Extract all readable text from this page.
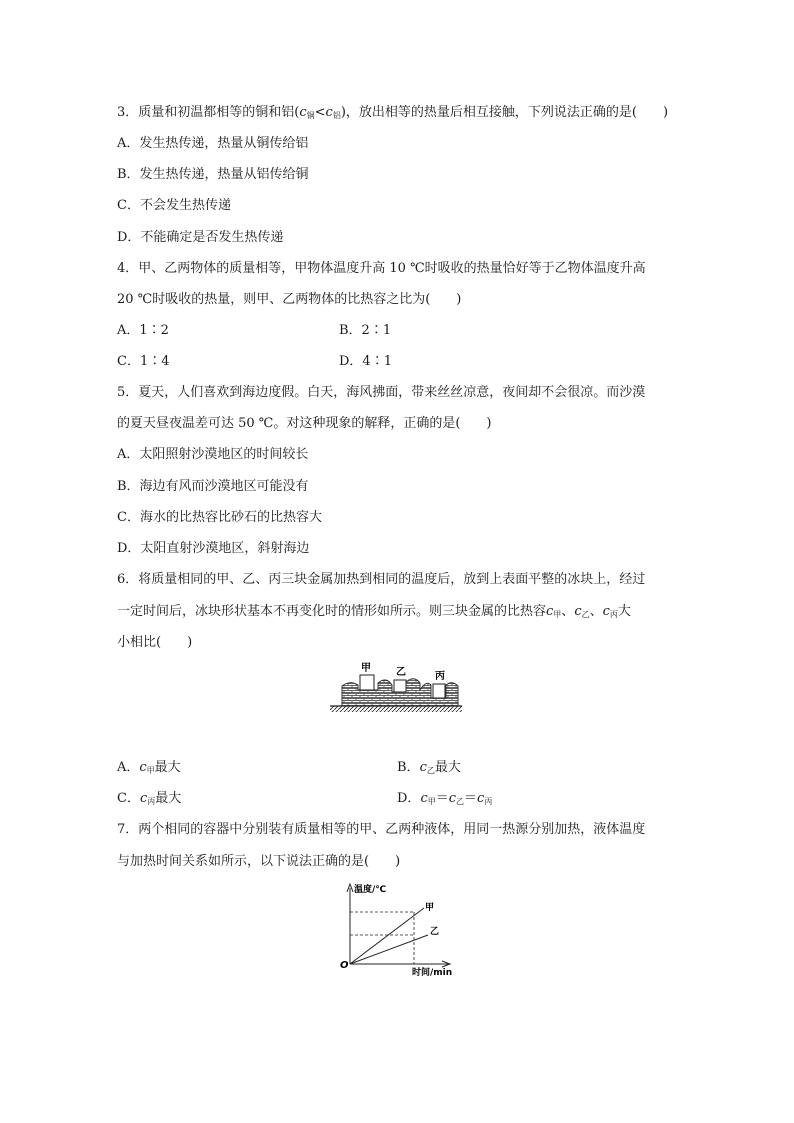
3．质量和初温都相等的铜和铝$(c_铜<c_铝)$，放出相等的热量后相互接触，下列说法正确的是(　　)
A．发生热传递，热量从铜传给铝
B．发生热传递，热量从铝传给铜
C．不会发生热传递
D．不能确定是否发生热传递
4．甲、乙两物体的质量相等，甲物体温度升高 10 ℃时吸收的热量恰好等于乙物体温度升高
20 ℃时吸收的热量，则甲、乙两物体的比热容之比为(　　)
A．1∶2	B．2∶1
C．1∶4	D．4∶1
5．夏天，人们喜欢到海边度假。白天，海风拂面，带来丝丝凉意，夜间却不会很凉。而沙漠
的夏天昼夜温差可达 50 ℃。对这种现象的解释，正确的是(　　)
A．太阳照射沙漠地区的时间较长
B．海边有风而沙漠地区可能没有
C．海水的比热容比砂石的比热容大
D．太阳直射沙漠地区，斜射海边
6．将质量相同的甲、乙、丙三块金属加热到相同的温度后，放到上表面平整的冰块上，经过
一定时间后，冰块形状基本不再变化时的情形如所示。则三块金属的比热容$c_甲$、$c_乙$、$c_丙$大
小相比(　　)
甲	乙	丙
A．$c_甲$最大	B．$c_乙$最大
C．$c_丙$最大	D．$c_甲=c_乙=c_丙$
7．两个相同的容器中分别装有质量相等的甲、乙两种液体，用同一热源分别加热，液体温度
与加热时间关系如所示，以下说法正确的是(　　)
温度/℃
时间/min
O
甲
乙
